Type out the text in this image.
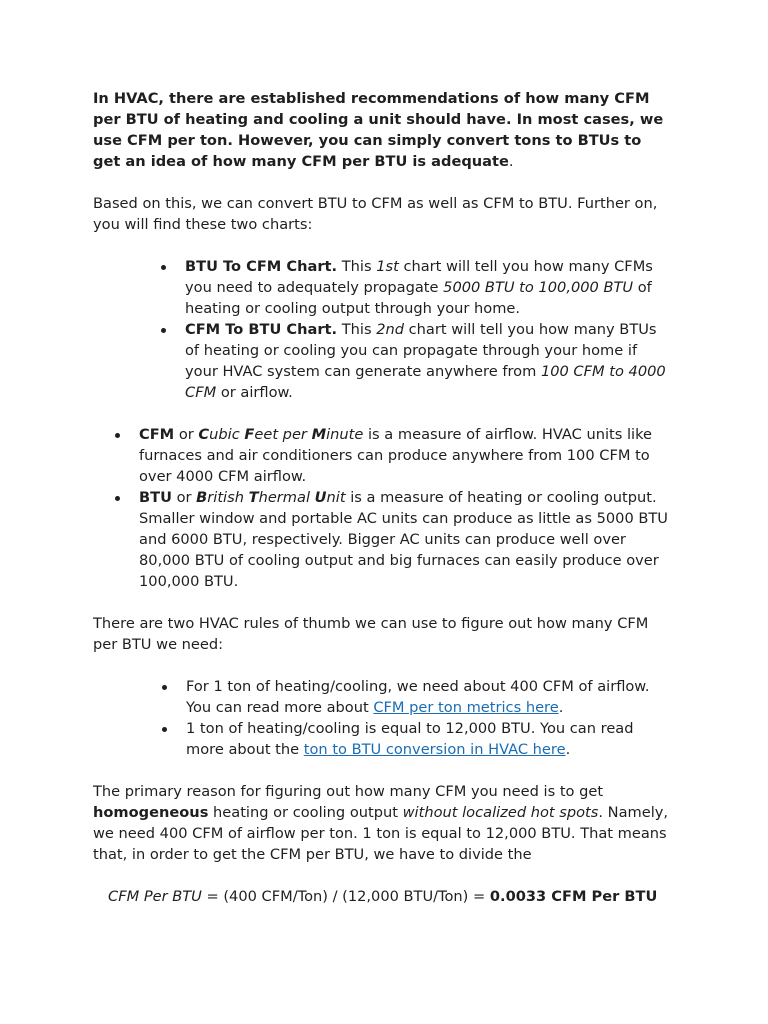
In HVAC, there are established recommendations of how many CFM per BTU of heating and cooling a unit should have. In most cases, we use CFM per ton. However, you can simply convert tons to BTUs to get an idea of how many CFM per BTU is adequate.

Based on this, we can convert BTU to CFM as well as CFM to BTU. Further on, you will find these two charts:

BTU To CFM Chart. This 1st chart will tell you how many CFMs you need to adequately propagate 5000 BTU to 100,000 BTU of heating or cooling output through your home.
CFM To BTU Chart. This 2nd chart will tell you how many BTUs of heating or cooling you can propagate through your home if your HVAC system can generate anywhere from 100 CFM to 4000 CFM or airflow.
CFM or Cubic Feet per Minute is a measure of airflow. HVAC units like furnaces and air conditioners can produce anywhere from 100 CFM to over 4000 CFM airflow.
BTU or British Thermal Unit is a measure of heating or cooling output. Smaller window and portable AC units can produce as little as 5000 BTU and 6000 BTU, respectively. Bigger AC units can produce well over 80,000 BTU of cooling output and big furnaces can easily produce over 100,000 BTU.

There are two HVAC rules of thumb we can use to figure out how many CFM per BTU we need:

For 1 ton of heating/cooling, we need about 400 CFM of airflow. You can read more about CFM per ton metrics here.
1 ton of heating/cooling is equal to 12,000 BTU. You can read more about the ton to BTU conversion in HVAC here.

The primary reason for figuring out how many CFM you need is to get homogeneous heating or cooling output without localized hot spots. Namely, we need 400 CFM of airflow per ton. 1 ton is equal to 12,000 BTU. That means that, in order to get the CFM per BTU, we have to divide the

CFM Per BTU = (400 CFM/Ton) / (12,000 BTU/Ton) = 0.0033 CFM Per BTU
